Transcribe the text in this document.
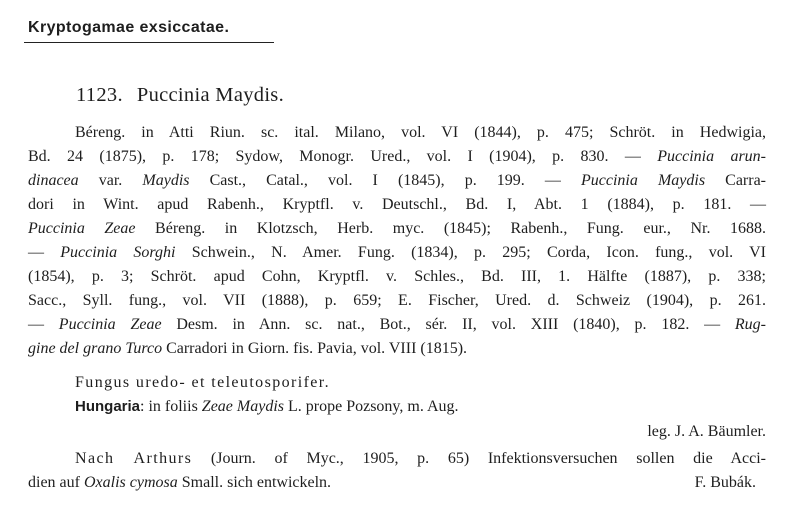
Kryptogamae exsiccatae.
1123. Puccinia Maydis.
Béreng. in Atti Riun. sc. ital. Milano, vol. VI (1844), p. 475; Schröt. in Hedwigia,
Bd. 24 (1875), p. 178; Sydow, Monogr. Ured., vol. I (1904), p. 830. — Puccinia arun-
dinacea var. Maydis Cast., Catal., vol. I (1845), p. 199. — Puccinia Maydis Carra-
dori in Wint. apud Rabenh., Kryptfl. v. Deutschl., Bd. I, Abt. 1 (1884), p. 181. —
Puccinia Zeae Béreng. in Klotzsch, Herb. myc. (1845); Rabenh., Fung. eur., Nr. 1688.
— Puccinia Sorghi Schwein., N. Amer. Fung. (1834), p. 295; Corda, Icon. fung., vol. VI
(1854), p. 3; Schröt. apud Cohn, Kryptfl. v. Schles., Bd. III, 1. Hälfte (1887), p. 338;
Sacc., Syll. fung., vol. VII (1888), p. 659; E. Fischer, Ured. d. Schweiz (1904), p. 261.
— Puccinia Zeae Desm. in Ann. sc. nat., Bot., sér. II, vol. XIII (1840), p. 182. — Rug-
gine del grano Turco Carradori in Giorn. fis. Pavia, vol. VIII (1815).
Fungus uredo- et teleutosporifer.
Hungaria: in foliis Zeae Maydis L. prope Pozsony, m. Aug.
leg. J. A. Bäumler.
Nach Arthurs (Journ. of Myc., 1905, p. 65) Infektionsversuchen sollen die Acci-
dien auf Oxalis cymosa Small. sich entwickeln.	F. Bubák.
